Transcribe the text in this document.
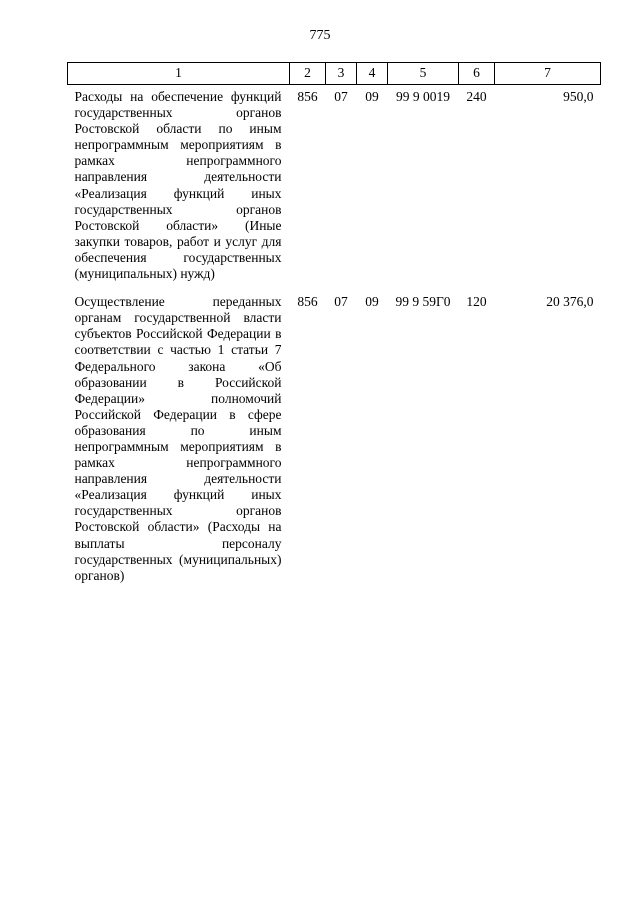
775
1	2	3	4	5	6	7
Расходы на обеспечение функций государственных органов Ростовской области по иным непрограммным мероприятиям в рамках непрограммного направления деятельности «Реализация функций иных государственных органов Ростовской области» (Иные закупки товаров, работ и услуг для обеспечения государственных (муниципальных) нужд)	856	07	09	99 9 0019	240	950,0
Осуществление переданных органам государственной власти субъектов Российской Федерации в соответствии с частью 1 статьи 7 Федерального закона «Об образовании в Российской Федерации» полномочий Российской Федерации в сфере образования по иным непрограммным мероприятиям в рамках непрограммного направления деятельности «Реализация функций иных государственных органов Ростовской области» (Расходы на выплаты персоналу государственных (муниципальных) органов)	856	07	09	99 9 59Г0	120	20 376,0
